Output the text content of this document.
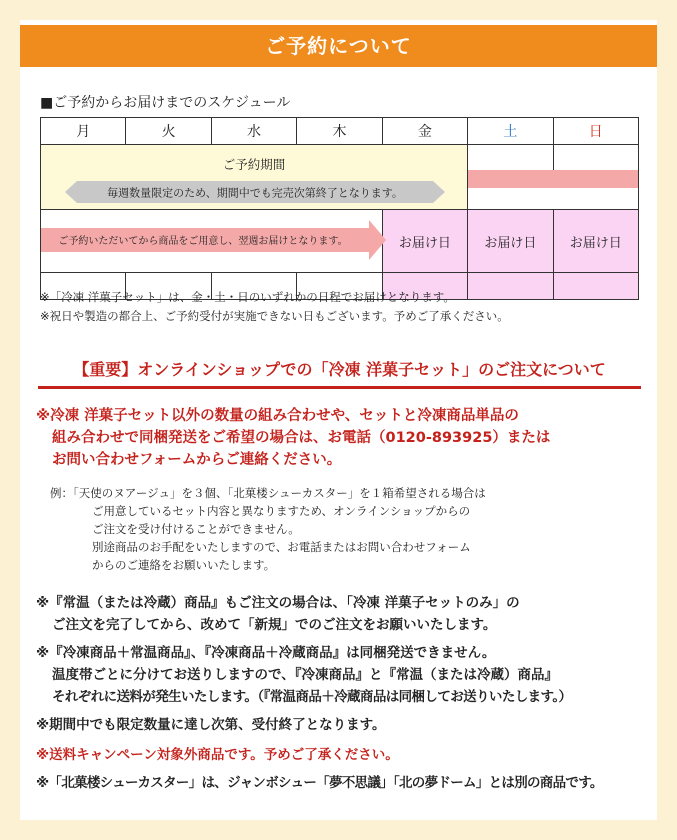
ご予約について
■ご予約からお届けまでのスケジュール
月	火	水	木	金	土	日

ご予約期間
毎週数量限定のため、期間中でも完売次第終了となります。						

ご予約いただいてから商品をご用意し、翌週お届けとなります。				お届け日	お届け日	お届け日

※「冷凍 洋菓子セット」は、金・土・日のいずれかの日程でお届けとなります。
※祝日や製造の都合上、ご予約受付が実施できない日もございます。予めご了承ください。
【重要】オンラインショップでの「冷凍 洋菓子セット」のご注文について
※冷凍 洋菓子セット以外の数量の組み合わせや、セットと冷凍商品単品の
組み合わせで同梱発送をご希望の場合は、お電話（0120-893925）または
お問い合わせフォームからご連絡ください。
例：「天使のヌアージュ」を３個、「北菓楼シューカスター」を１箱希望される場合は
ご用意しているセット内容と異なりますため、オンラインショップからの
ご注文を受け付けることができません。
別途商品のお手配をいたしますので、お電話またはお問い合わせフォーム
からのご連絡をお願いいたします。
※『常温（または冷蔵）商品』もご注文の場合は、「冷凍 洋菓子セットのみ」の
ご注文を完了してから、改めて「新規」でのご注文をお願いいたします。
※『冷凍商品＋常温商品』、『冷凍商品＋冷蔵商品』は同梱発送できません。
温度帯ごとに分けてお送りしますので、『冷凍商品』と『常温（または冷蔵）商品』
それぞれに送料が発生いたします。（『常温商品＋冷蔵商品は同梱してお送りいたします。）
※期間中でも限定数量に達し次第、受付終了となります。
※送料キャンペーン対象外商品です。予めご了承ください。
※「北菓楼シューカスター」は、ジャンボシュー「夢不思議」「北の夢ドーム」とは別の商品です。
